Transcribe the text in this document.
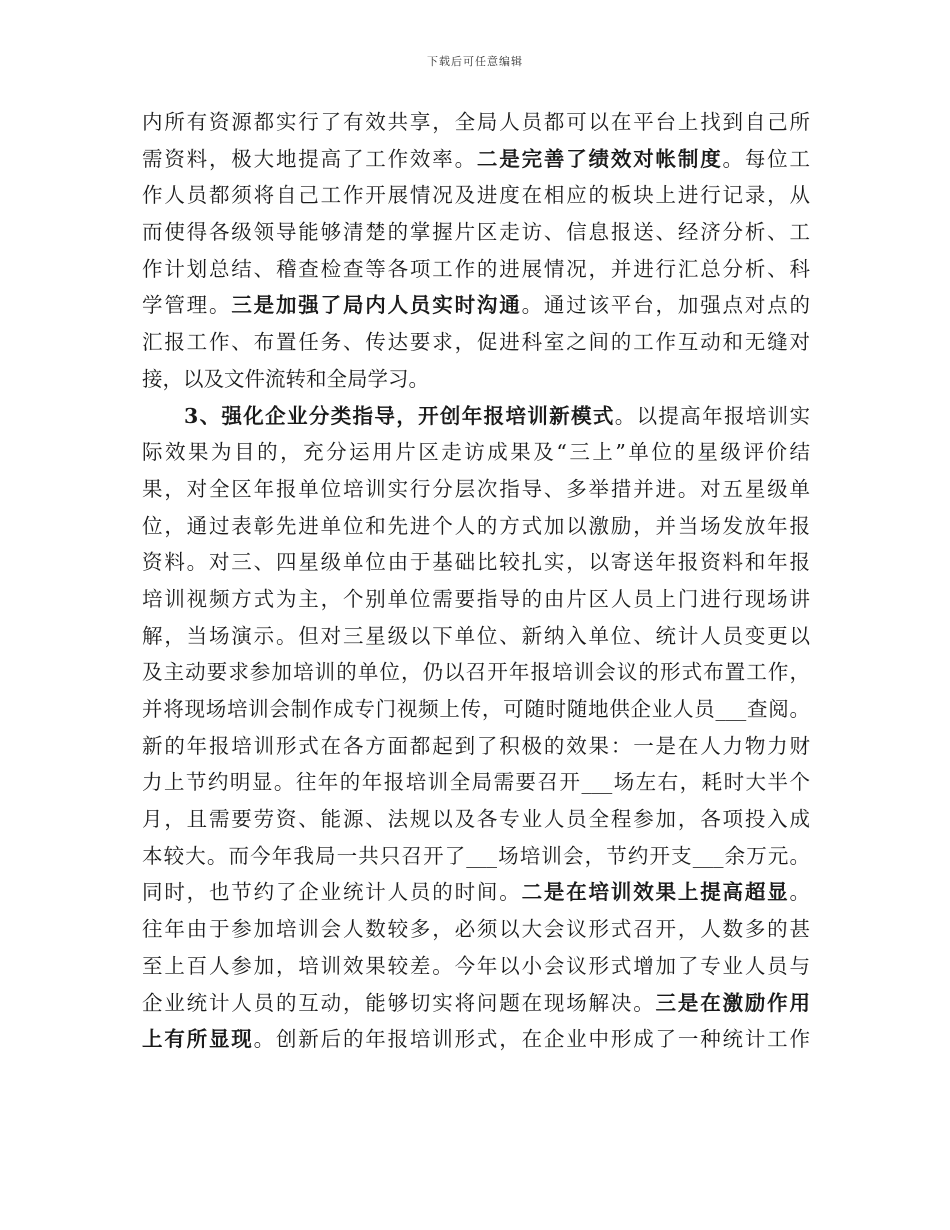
下载后可任意编辑
内所有资源都实行了有效共享，全局人员都可以在平台上找到自己所
需资料，极大地提高了工作效率。二是完善了绩效对帐制度。每位工
作人员都须将自己工作开展情况及进度在相应的板块上进行记录，从
而使得各级领导能够清楚的掌握片区走访、信息报送、经济分析、工
作计划总结、稽查检查等各项工作的进展情况，并进行汇总分析、科
学管理。三是加强了局内人员实时沟通。通过该平台，加强点对点的
汇报工作、布置任务、传达要求，促进科室之间的工作互动和无缝对
接，以及文件流转和全局学习。
3、强化企业分类指导，开创年报培训新模式。以提高年报培训实
际效果为目的，充分运用片区走访成果及“三上”单位的星级评价结
果，对全区年报单位培训实行分层次指导、多举措并进。对五星级单
位，通过表彰先进单位和先进个人的方式加以激励，并当场发放年报
资料。对三、四星级单位由于基础比较扎实，以寄送年报资料和年报
培训视频方式为主，个别单位需要指导的由片区人员上门进行现场讲
解，当场演示。但对三星级以下单位、新纳入单位、统计人员变更以
及主动要求参加培训的单位，仍以召开年报培训会议的形式布置工作，
并将现场培训会制作成专门视频上传，可随时随地供企业人员___查阅。
新的年报培训形式在各方面都起到了积极的效果：一是在人力物力财
力上节约明显。往年的年报培训全局需要召开___场左右，耗时大半个
月，且需要劳资、能源、法规以及各专业人员全程参加，各项投入成
本较大。而今年我局一共只召开了___场培训会，节约开支___余万元。
同时，也节约了企业统计人员的时间。二是在培训效果上提高超显。
往年由于参加培训会人数较多，必须以大会议形式召开，人数多的甚
至上百人参加，培训效果较差。今年以小会议形式增加了专业人员与
企业统计人员的互动，能够切实将问题在现场解决。三是在激励作用
上有所显现。创新后的年报培训形式，在企业中形成了一种统计工作
